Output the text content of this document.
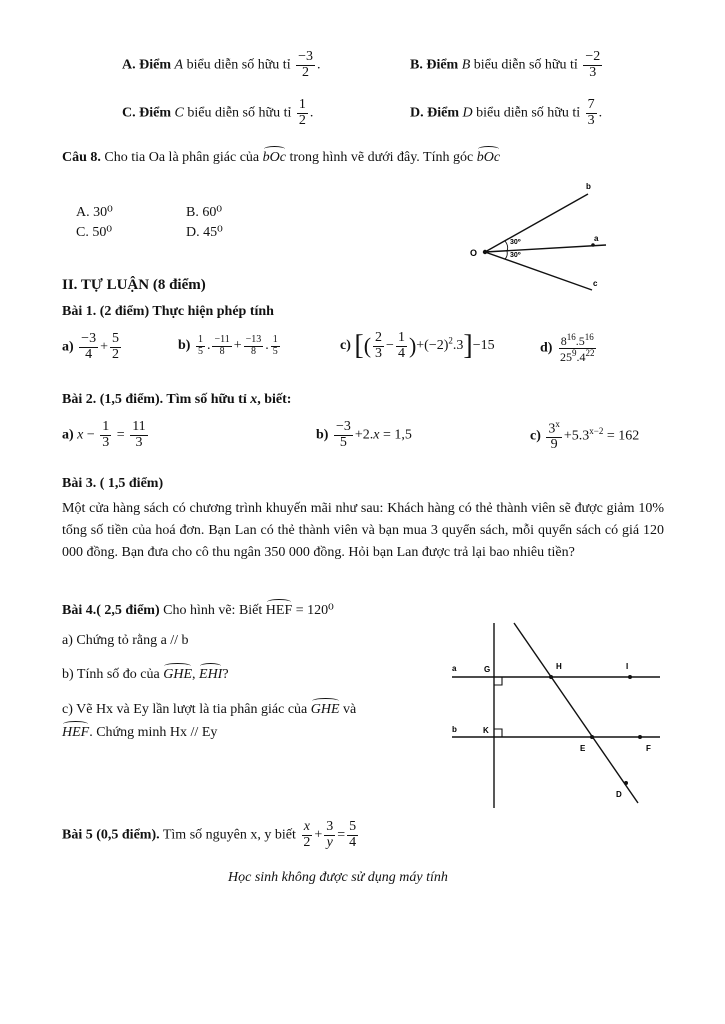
A. Điểm A biểu diễn số hữu tỉ $\frac{-3}{2}$ .	B. Điểm B biểu diễn số hữu tỉ $\frac{-2}{3}$
C. Điểm C biểu diễn số hữu tỉ $\frac{1}{2}$ .	D. Điểm D biểu diễn số hữu tỉ $\frac{7}{3}$ .
Câu 8. Cho tia Oa là phân giác của bOc trong hình vẽ dưới đây. Tính góc bOc
A. 30⁰	B. 60⁰
C. 50⁰	D. 45⁰
O
b
a
c
30⁰
30⁰
II. TỰ LUẬN (8 điểm)
Bài 1. (2 điểm) Thực hiện phép tính
$a) \frac{-3}{4} + \frac{5}{2}$	$b) \frac{1}{5}$ . $\frac{-11}{8} + \frac{-13}{8}$ . $\frac{1}{5}$	c) [( $\frac{2}{3} - \frac{1}{4} )+(-2)^2.3]-15$	$d) \frac{8^{16}.5^{16}}{25^9.4^{22}}$
Bài 2. (1,5 điểm). Tìm số hữu tỉ x, biết:
a) $x - \frac{1}{3} = \frac{11}{3}$	$b) \frac{-3}{5} +2.x = 1,5$	$c) \frac{3^x}{9} +5.3^{x-2} = 162$
Bài 3. ( 1,5 điểm)
Một cửa hàng sách có chương trình khuyến mãi như sau: Khách hàng có thẻ thành viên sẽ được giảm 10% tổng số tiền của hoá đơn. Bạn Lan có thẻ thành viên và bạn mua 3 quyển sách, mỗi quyển sách có giá 120 000 đồng. Bạn đưa cho cô thu ngân 350 000 đồng. Hỏi bạn Lan được trả lại bao nhiêu tiền?
Bài 4.( 2,5 điểm) Cho hình vẽ: Biết HEF = 120⁰
a) Chứng tỏ rằng a // b
b) Tính số đo của GHE, EHI?
c) Vẽ Hx và Ey lần lượt là tia phân giác của GHE và
HEF. Chứng minh Hx // Ey
a
b
G
K
H	I
E	F
D
Bài 5 (0,5 điểm). Tìm số nguyên x, y biết $\frac{x}{2} + \frac{3}{y} = \frac{5}{4}$
Học sinh không được sử dụng máy tính
